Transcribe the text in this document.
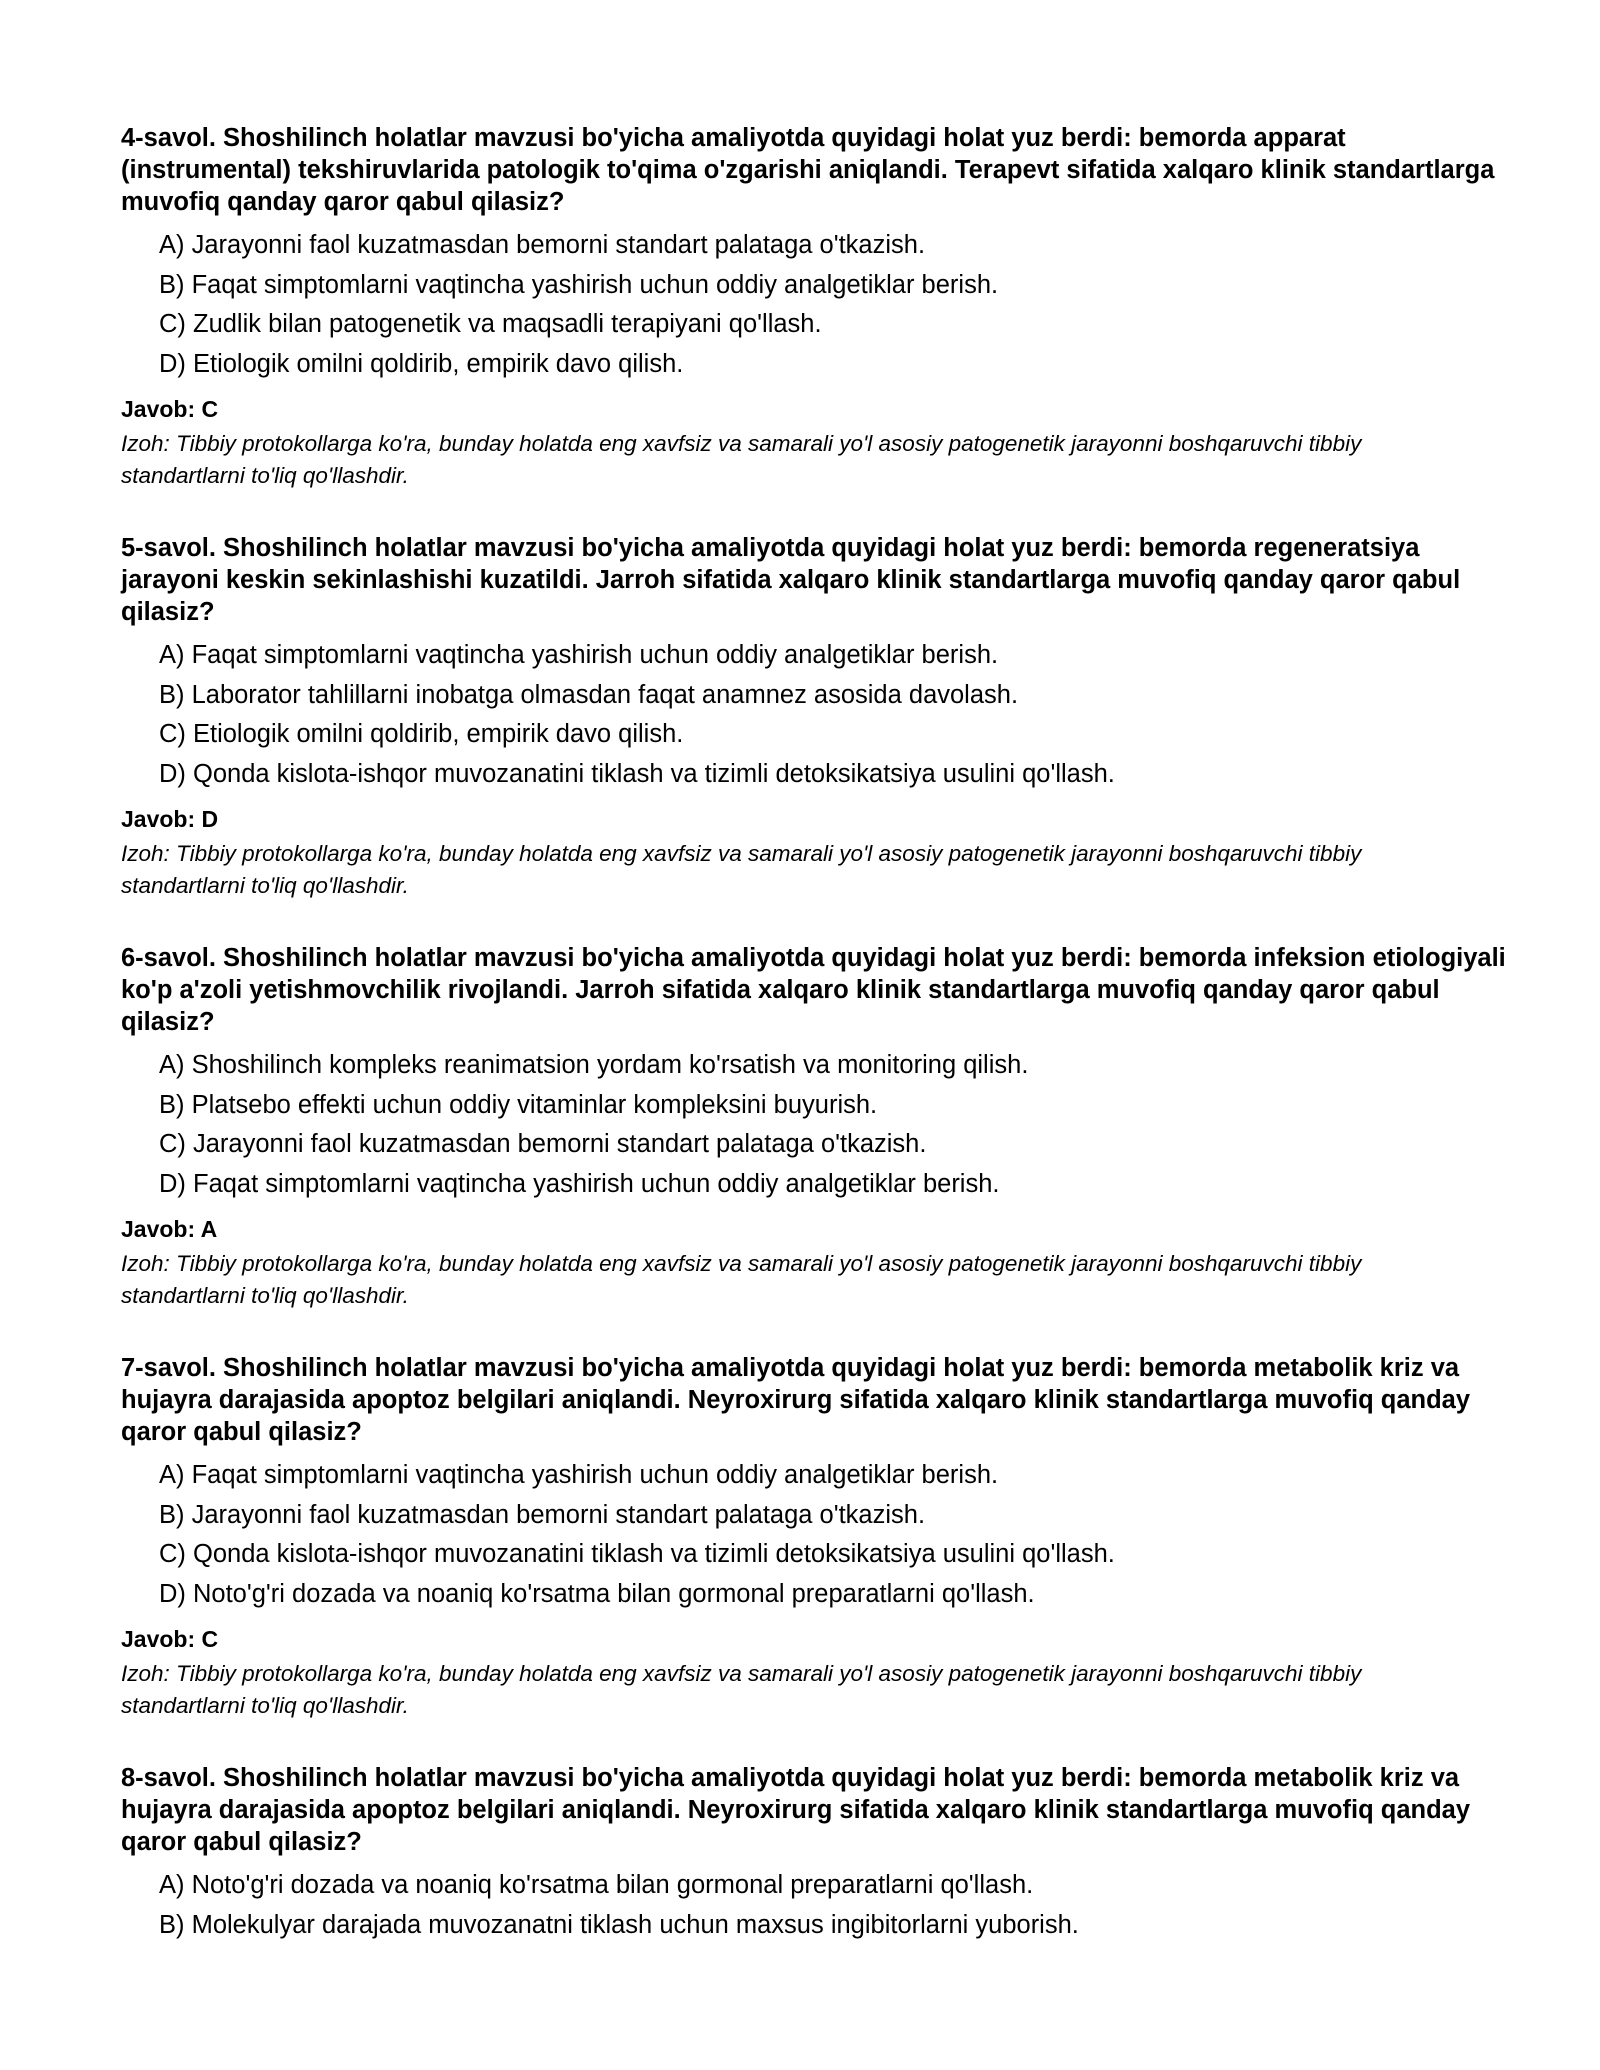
4-savol. Shoshilinch holatlar mavzusi bo'yicha amaliyotda quyidagi holat yuz berdi: bemorda apparat (instrumental) tekshiruvlarida patologik to'qima o'zgarishi aniqlandi. Terapevt sifatida xalqaro klinik standartlarga muvofiq qanday qaror qabul qilasiz?

A) Jarayonni faol kuzatmasdan bemorni standart palataga o'tkazish.
B) Faqat simptomlarni vaqtincha yashirish uchun oddiy analgetiklar berish.
C) Zudlik bilan patogenetik va maqsadli terapiyani qo'llash.
D) Etiologik omilni qoldirib, empirik davo qilish.

Javob: C

Izoh: Tibbiy protokollarga ko'ra, bunday holatda eng xavfsiz va samarali yo'l asosiy patogenetik jarayonni boshqaruvchi tibbiy standartlarni to'liq qo'llashdir.

5-savol. Shoshilinch holatlar mavzusi bo'yicha amaliyotda quyidagi holat yuz berdi: bemorda regeneratsiya jarayoni keskin sekinlashishi kuzatildi. Jarroh sifatida xalqaro klinik standartlarga muvofiq qanday qaror qabul qilasiz?

A) Faqat simptomlarni vaqtincha yashirish uchun oddiy analgetiklar berish.
B) Laborator tahlillarni inobatga olmasdan faqat anamnez asosida davolash.
C) Etiologik omilni qoldirib, empirik davo qilish.
D) Qonda kislota-ishqor muvozanatini tiklash va tizimli detoksikatsiya usulini qo'llash.

Javob: D

Izoh: Tibbiy protokollarga ko'ra, bunday holatda eng xavfsiz va samarali yo'l asosiy patogenetik jarayonni boshqaruvchi tibbiy standartlarni to'liq qo'llashdir.

6-savol. Shoshilinch holatlar mavzusi bo'yicha amaliyotda quyidagi holat yuz berdi: bemorda infeksion etiologiyali ko'p a'zoli yetishmovchilik rivojlandi. Jarroh sifatida xalqaro klinik standartlarga muvofiq qanday qaror qabul qilasiz?

A) Shoshilinch kompleks reanimatsion yordam ko'rsatish va monitoring qilish.
B) Platsebo effekti uchun oddiy vitaminlar kompleksini buyurish.
C) Jarayonni faol kuzatmasdan bemorni standart palataga o'tkazish.
D) Faqat simptomlarni vaqtincha yashirish uchun oddiy analgetiklar berish.

Javob: A

Izoh: Tibbiy protokollarga ko'ra, bunday holatda eng xavfsiz va samarali yo'l asosiy patogenetik jarayonni boshqaruvchi tibbiy standartlarni to'liq qo'llashdir.

7-savol. Shoshilinch holatlar mavzusi bo'yicha amaliyotda quyidagi holat yuz berdi: bemorda metabolik kriz va hujayra darajasida apoptoz belgilari aniqlandi. Neyroxirurg sifatida xalqaro klinik standartlarga muvofiq qanday qaror qabul qilasiz?

A) Faqat simptomlarni vaqtincha yashirish uchun oddiy analgetiklar berish.
B) Jarayonni faol kuzatmasdan bemorni standart palataga o'tkazish.
C) Qonda kislota-ishqor muvozanatini tiklash va tizimli detoksikatsiya usulini qo'llash.
D) Noto'g'ri dozada va noaniq ko'rsatma bilan gormonal preparatlarni qo'llash.

Javob: C

Izoh: Tibbiy protokollarga ko'ra, bunday holatda eng xavfsiz va samarali yo'l asosiy patogenetik jarayonni boshqaruvchi tibbiy standartlarni to'liq qo'llashdir.

8-savol. Shoshilinch holatlar mavzusi bo'yicha amaliyotda quyidagi holat yuz berdi: bemorda metabolik kriz va hujayra darajasida apoptoz belgilari aniqlandi. Neyroxirurg sifatida xalqaro klinik standartlarga muvofiq qanday qaror qabul qilasiz?

A) Noto'g'ri dozada va noaniq ko'rsatma bilan gormonal preparatlarni qo'llash.
B) Molekulyar darajada muvozanatni tiklash uchun maxsus ingibitorlarni yuborish.
